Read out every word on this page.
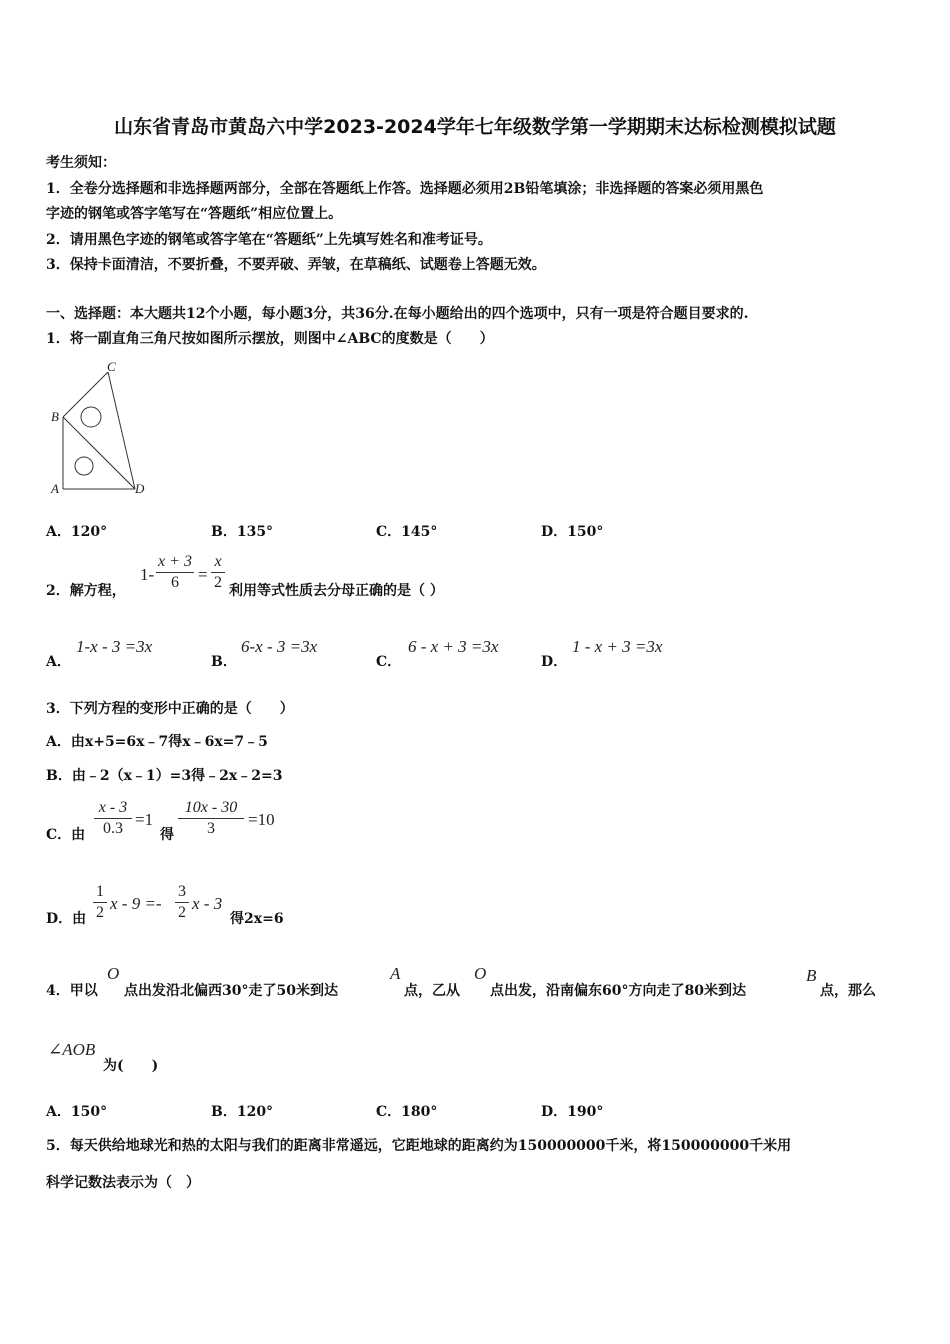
山东省青岛市黄岛六中学2023-2024学年七年级数学第一学期期末达标检测模拟试题
考生须知：
1．全卷分选择题和非选择题两部分，全部在答题纸上作答。选择题必须用2B铅笔填涂；非选择题的答案必须用黑色
字迹的钢笔或答字笔写在“答题纸”相应位置上。
2．请用黑色字迹的钢笔或答字笔在“答题纸”上先填写姓名和准考证号。
3．保持卡面清洁，不要折叠，不要弄破、弄皱，在草稿纸、试题卷上答题无效。
一、选择题：本大题共12个小题，每小题3分，共36分.在每小题给出的四个选项中，只有一项是符合题目要求的.
1．将一副直角三角尺按如图所示摆放，则图中∠ABC的度数是（　　）
C
B
A	D
A．120°	B．135°	C．145°	D．150°
2．解方程，
1-
x + 3
6	=
x
2 利用等式性质去分母正确的是（ ）
A．
1-x - 3 =3x
B．
6-x - 3 =3x
C．
6 - x + 3 =3x
D．
1 - x + 3 =3x
3．下列方程的变形中正确的是（　　）
A．由x+5=6x﹣7得x﹣6x=7﹣5
B．由﹣2（x﹣1）=3得﹣2x﹣2=3
C．由
x - 3
0.3 =1
得
10x - 30
3	=10
D．由
1
2 x - 9 =-
3
2 x - 3
得2x=6
4．甲以
O
点出发沿北偏西30°走了50米到达
A
点，乙从
O
点出发，沿南偏东60°方向走了80米到达
B
点，那么
∠AOB
为(　　)
A．150°	B．120°	C．180°	D．190°
5．每天供给地球光和热的太阳与我们的距离非常遥远，它距地球的距离约为150000000千米，将150000000千米用
科学记数法表示为（　）
